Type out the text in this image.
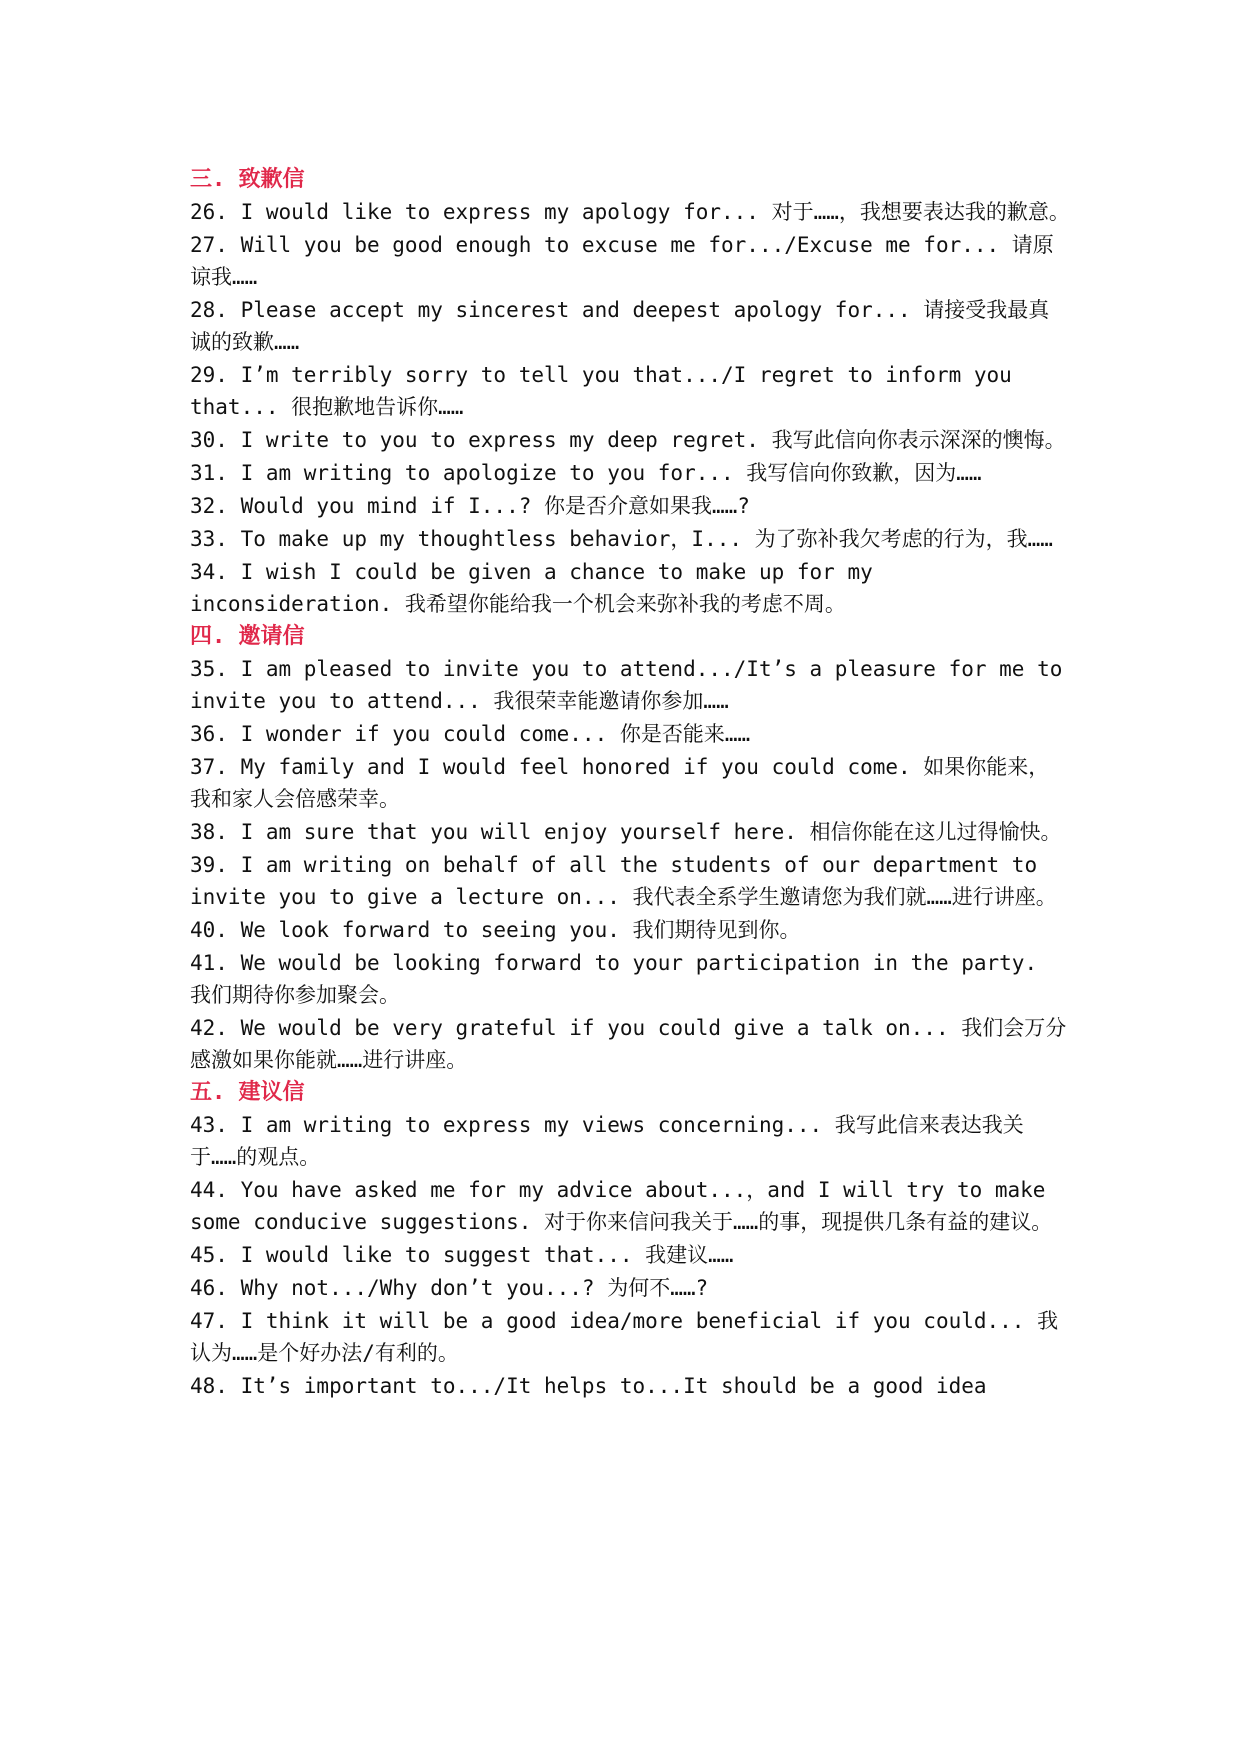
三. 致歉信

26. I would like to express my apology for... 对于……，我想要表达我的歉意。

27. Will you be good enough to excuse me for.../Excuse me for... 请原谅我……

28. Please accept my sincerest and deepest apology for... 请接受我最真诚的致歉……

29. I’m terribly sorry to tell you that.../I regret to inform you that... 很抱歉地告诉你……

30. I write to you to express my deep regret. 我写此信向你表示深深的懊悔。

31. I am writing to apologize to you for... 我写信向你致歉，因为……

32. Would you mind if I...? 你是否介意如果我……?

33. To make up my thoughtless behavior，I... 为了弥补我欠考虑的行为，我……

34. I wish I could be given a chance to make up for my inconsideration. 我希望你能给我一个机会来弥补我的考虑不周。

四. 邀请信

35. I am pleased to invite you to attend.../It’s a pleasure for me to  invite you to attend... 我很荣幸能邀请你参加……

36. I wonder if you could come... 你是否能来……

37. My family and I would feel honored if you could come. 如果你能来，我和家人会倍感荣幸。

38. I am sure that you will enjoy yourself here. 相信你能在这儿过得愉快。

39. I am writing on behalf of all the students of our department to invite you to give a lecture on... 我代表全系学生邀请您为我们就……进行讲座。

40. We look forward to seeing you. 我们期待见到你。

41. We would be looking forward to your participation in the party. 我们期待你参加聚会。

42. We would be very grateful if you could give a talk on... 我们会万分感激如果你能就……进行讲座。

五. 建议信

43. I am writing to express my views concerning... 我写此信来表达我关于……的观点。

44. You have asked me for my advice about...，and I will try to make some conducive suggestions. 对于你来信问我关于……的事，现提供几条有益的建议。

45. I would like to suggest that... 我建议……

46. Why not.../Why don’t you...? 为何不……?

47. I think it will be a good idea/more beneficial if you could... 我认为……是个好办法/有利的。

48. It’s important to.../It helps to...It should be a good idea
